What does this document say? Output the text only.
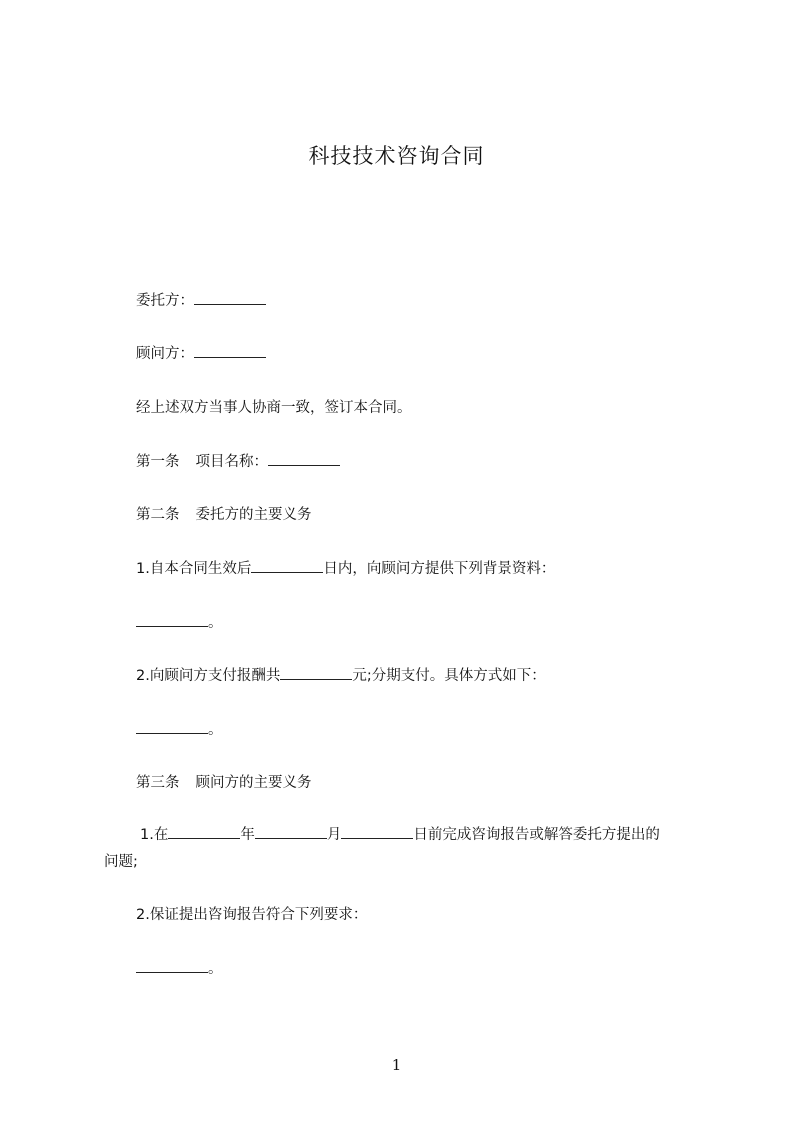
科技技术咨询合同
委托方：
顾问方：
经上述双方当事人协商一致，签订本合同。
第一条 项目名称：
第二条 委托方的主要义务
1.自本合同生效后	日内，向顾问方提供下列背景资料：
。
2.向顾问方支付报酬共	元;分期支付。具体方式如下：
。
第三条 顾问方的主要义务
1.在	年	月	日前完成咨询报告或解答委托方提出的
问题;
2.保证提出咨询报告符合下列要求：
。
1
